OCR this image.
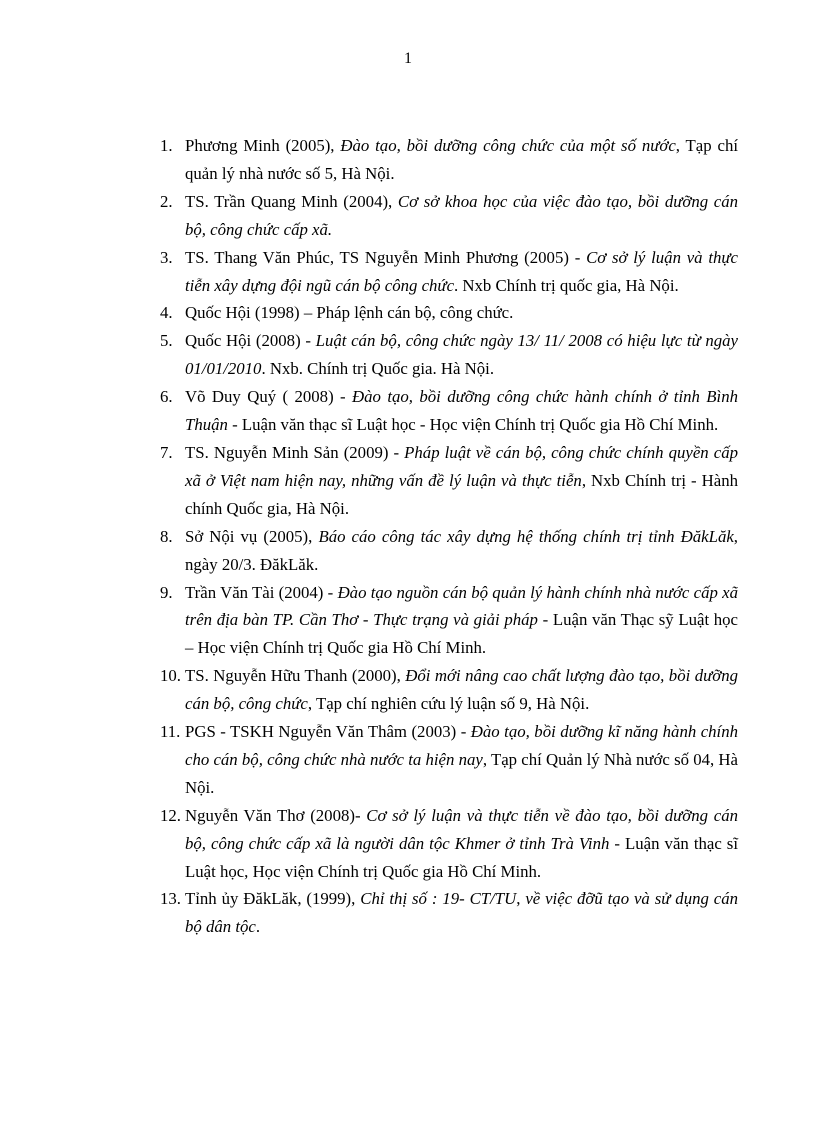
1
1. Phương Minh (2005), Đào tạo, bồi dưỡng công chức của một số nước, Tạp chí quản lý nhà nước số 5, Hà Nội.
2. TS. Trần Quang Minh (2004), Cơ sở khoa học của việc đào tạo, bồi dưỡng cán bộ, công chức cấp xã.
3. TS. Thang Văn Phúc, TS Nguyễn Minh Phương (2005) - Cơ sở lý luận và thực tiễn xây dựng đội ngũ cán bộ công chức. Nxb Chính trị quốc gia, Hà Nội.
4. Quốc Hội (1998) – Pháp lệnh cán bộ, công chức.
5. Quốc Hội (2008) - Luật cán bộ, công chức ngày 13/ 11/ 2008 có hiệu lực từ ngày 01/01/2010. Nxb. Chính trị Quốc gia. Hà Nội.
6. Võ Duy Quý ( 2008) - Đào tạo, bồi dưỡng công chức hành chính ở tỉnh Bình Thuận - Luận văn thạc sĩ Luật học - Học viện Chính trị Quốc gia Hồ Chí Minh.
7. TS. Nguyễn Minh Sản (2009) - Pháp luật về cán bộ, công chức chính quyền cấp xã ở Việt nam hiện nay, những vấn đề lý luận và thực tiễn, Nxb Chính trị - Hành chính Quốc gia, Hà Nội.
8. Sở Nội vụ (2005), Báo cáo công tác xây dựng hệ thống chính trị tỉnh ĐăkLăk, ngày 20/3. ĐăkLăk.
9. Trần Văn Tài (2004) - Đào tạo nguồn cán bộ quản lý hành chính nhà nước cấp xã trên địa bàn TP. Cần Thơ - Thực trạng và giải pháp - Luận văn Thạc sỹ Luật học – Học viện Chính trị Quốc gia Hồ Chí Minh.
10. TS. Nguyễn Hữu Thanh (2000), Đổi mới nâng cao chất lượng đào tạo, bồi dưỡng cán bộ, công chức, Tạp chí nghiên cứu lý luận số 9, Hà Nội.
11. PGS - TSKH Nguyễn Văn Thâm (2003) - Đào tạo, bồi dưỡng kĩ năng hành chính cho cán bộ, công chức nhà nước ta hiện nay, Tạp chí Quản lý Nhà nước số 04, Hà Nội.
12. Nguyễn Văn Thơ (2008)- Cơ sở lý luận và thực tiễn về đào tạo, bồi dưỡng cán bộ, công chức cấp xã là người dân tộc Khmer ở tỉnh Trà Vinh - Luận văn thạc sĩ Luật học, Học viện Chính trị Quốc gia Hồ Chí Minh.
13. Tỉnh ủy ĐăkLăk, (1999), Chỉ thị số : 19- CT/TU, về việc đỡũ tạo và sử dụng cán bộ dân tộc.
